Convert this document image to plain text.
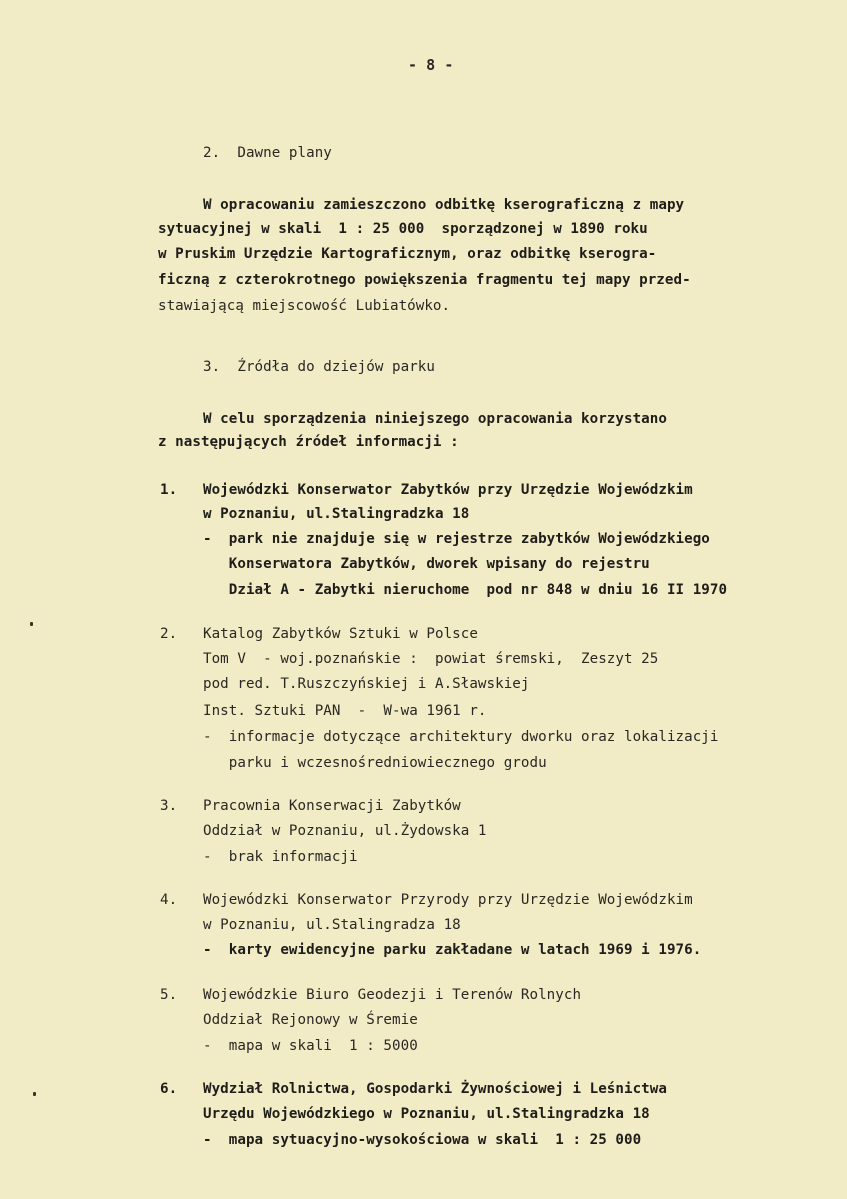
- 8 -
2.  Dawne plany
W opracowaniu zamieszczono odbitkę kserograficzną z mapy
sytuacyjnej w skali  1 : 25 000  sporządzonej w 1890 roku
w Pruskim Urzędzie Kartograficznym, oraz odbitkę kserogra-
ficzną z czterokrotnego powiększenia fragmentu tej mapy przed-
stawiającą miejscowość Lubiatówko.
3.  Źródła do dziejów parku
W celu sporządzenia niniejszego opracowania korzystano
z następujących źródeł informacji :
1. Wojewódzki Konserwator Zabytków przy Urzędzie Wojewódzkim
w Poznaniu, ul.Stalingradzka 18
-  park nie znajduje się w rejestrze zabytków Wojewódzkiego
Konserwatora Zabytków, dworek wpisany do rejestru
Dział A - Zabytki nieruchome  pod nr 848 w dniu 16 II 1970
2. Katalog Zabytków Sztuki w Polsce
Tom V  - woj.poznańskie :  powiat śremski,  Zeszyt 25
pod red. T.Ruszczyńskiej i A.Sławskiej
Inst. Sztuki PAN  -  W-wa 1961 r.
-  informacje dotyczące architektury dworku oraz lokalizacji
parku i wczesnośredniowiecznego grodu
3. Pracownia Konserwacji Zabytków
Oddział w Poznaniu, ul.Żydowska 1
-  brak informacji
4. Wojewódzki Konserwator Przyrody przy Urzędzie Wojewódzkim
w Poznaniu, ul.Stalingradza 18
-  karty ewidencyjne parku zakładane w latach 1969 i 1976.
5. Wojewódzkie Biuro Geodezji i Terenów Rolnych
Oddział Rejonowy w Śremie
-  mapa w skali  1 : 5000
6. Wydział Rolnictwa, Gospodarki Żywnościowej i Leśnictwa
Urzędu Wojewódzkiego w Poznaniu, ul.Stalingradzka 18
-  mapa sytuacyjno-wysokościowa w skali  1 : 25 000
